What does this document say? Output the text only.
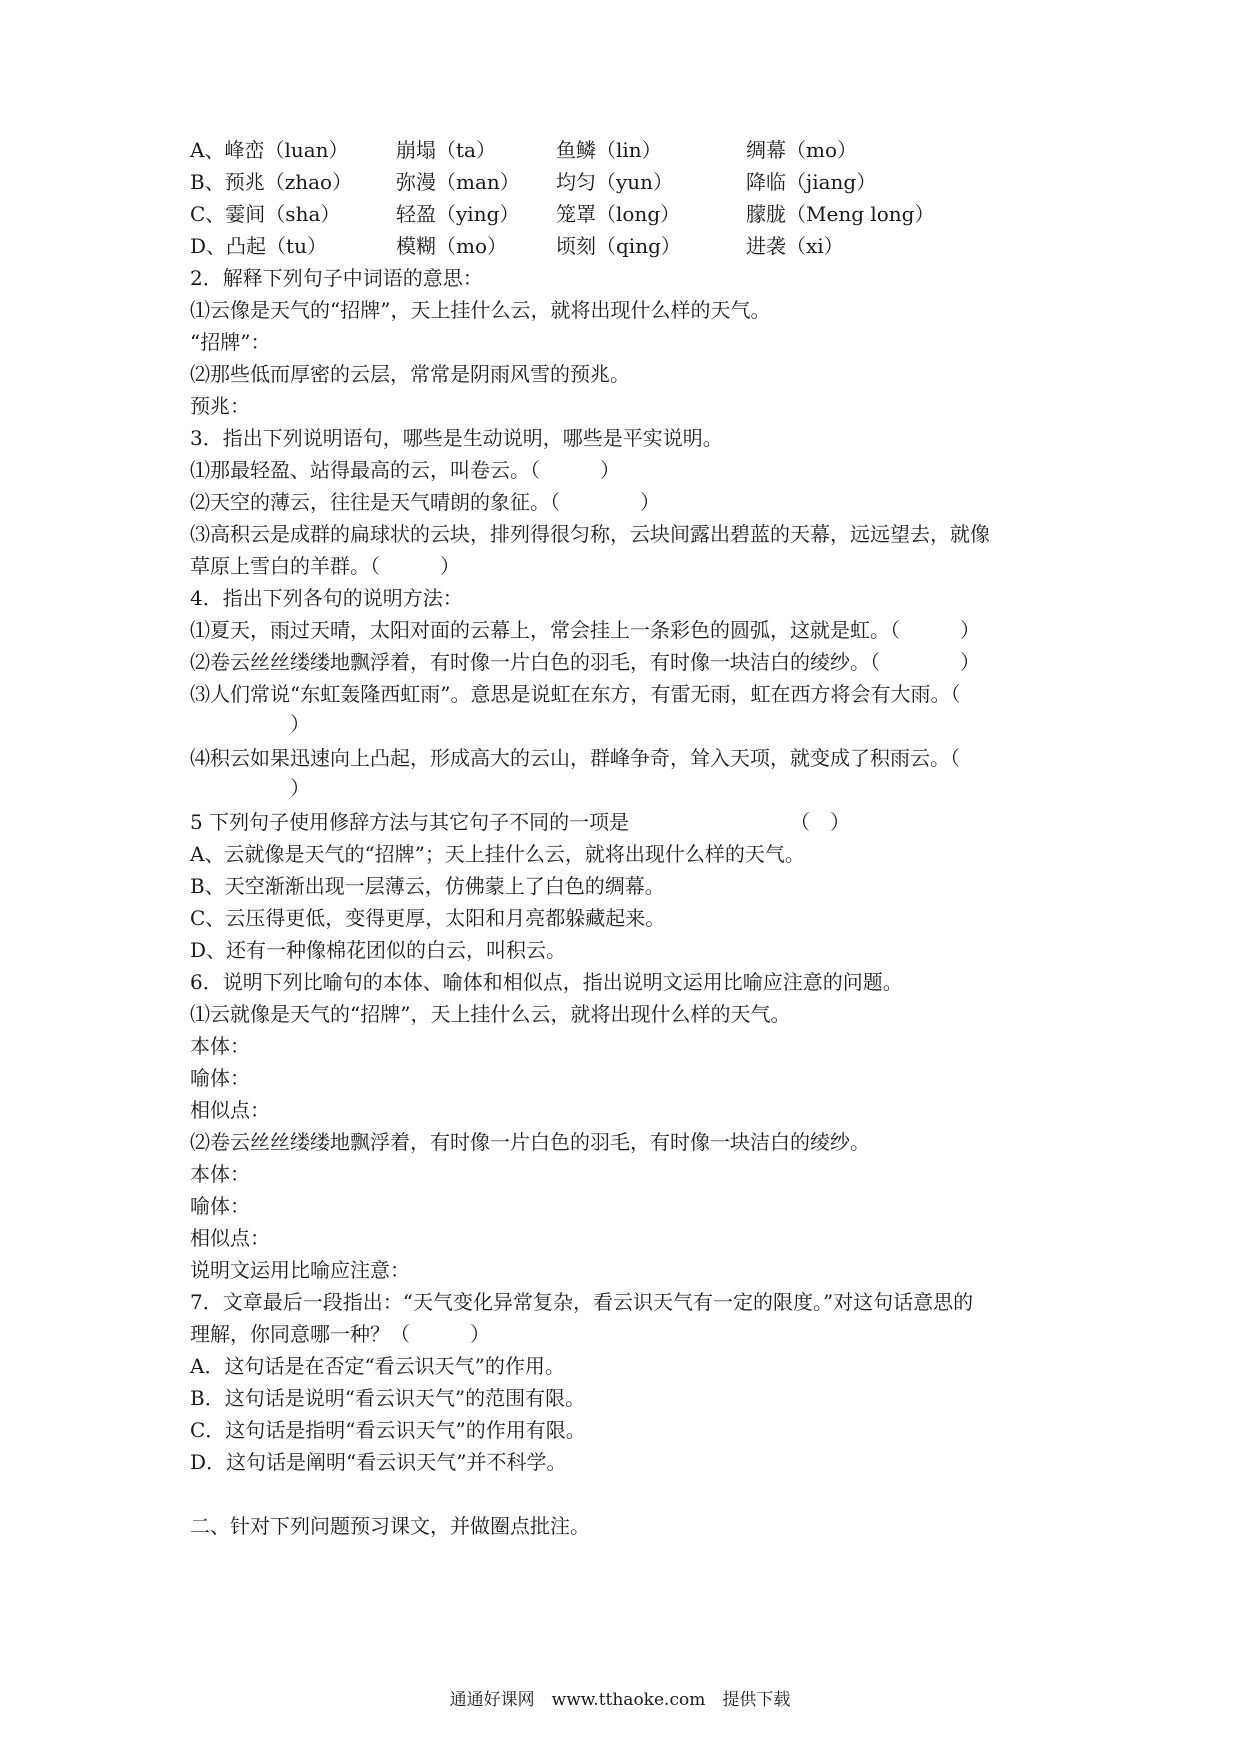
A、峰峦（luan） 崩塌（ta）	鱼鳞（lin）	绸幕（mo）
B、预兆（zhao） 弥漫（man） 均匀（yun）	降临（jiang）
C、霎间（sha）	轻盈（ying） 笼罩（long）	朦胧（Meng long）
D、凸起（tu）	模糊（mo） 顷刻（qing）	进袭（xi）
2．解释下列句子中词语的意思：
⑴云像是天气的“招牌”，天上挂什么云，就将出现什么样的天气。
“招牌”：
⑵那些低而厚密的云层，常常是阴雨风雪的预兆。
预兆：
3．指出下列说明语句，哪些是生动说明，哪些是平实说明。
⑴那最轻盈、站得最高的云，叫卷云。（　　　）
⑵天空的薄云，往往是天气晴朗的象征。（　　　　）
⑶高积云是成群的扁球状的云块，排列得很匀称，云块间露出碧蓝的天幕，远远望去，就像
草原上雪白的羊群。（　　　）
4．指出下列各句的说明方法：
⑴夏天，雨过天晴，太阳对面的云幕上，常会挂上一条彩色的圆弧，这就是虹。（　　　）
⑵卷云丝丝缕缕地飘浮着，有时像一片白色的羽毛，有时像一块洁白的绫纱。（　　　　）
⑶人们常说“东虹轰隆西虹雨”。意思是说虹在东方，有雷无雨，虹在西方将会有大雨。（
　　）
⑷积云如果迅速向上凸起，形成高大的云山，群峰争奇，耸入天项，就变成了积雨云。（
　　）
5 下列句子使用修辞方法与其它句子不同的一项是	（　）
A、云就像是天气的“招牌”；天上挂什么云，就将出现什么样的天气。
B、天空渐渐出现一层薄云，仿佛蒙上了白色的绸幕。
C、云压得更低，变得更厚，太阳和月亮都躲藏起来。
D、还有一种像棉花团似的白云，叫积云。
6．说明下列比喻句的本体、喻体和相似点，指出说明文运用比喻应注意的问题。
⑴云就像是天气的“招牌”，天上挂什么云，就将出现什么样的天气。
本体：
喻体：
相似点：
⑵卷云丝丝缕缕地飘浮着，有时像一片白色的羽毛，有时像一块洁白的绫纱。
本体：
喻体：
相似点：
说明文运用比喻应注意：
7．文章最后一段指出：“天气变化异常复杂，看云识天气有一定的限度。”对这句话意思的
理解，你同意哪一种？（　　　）
A．这句话是在否定“看云识天气”的作用。
B．这句话是说明“看云识天气”的范围有限。
C．这句话是指明“看云识天气”的作用有限。
D．这句话是阐明“看云识天气”并不科学。
二、针对下列问题预习课文，并做圈点批注。
通通好课网　www.tthaoke.com　提供下载
